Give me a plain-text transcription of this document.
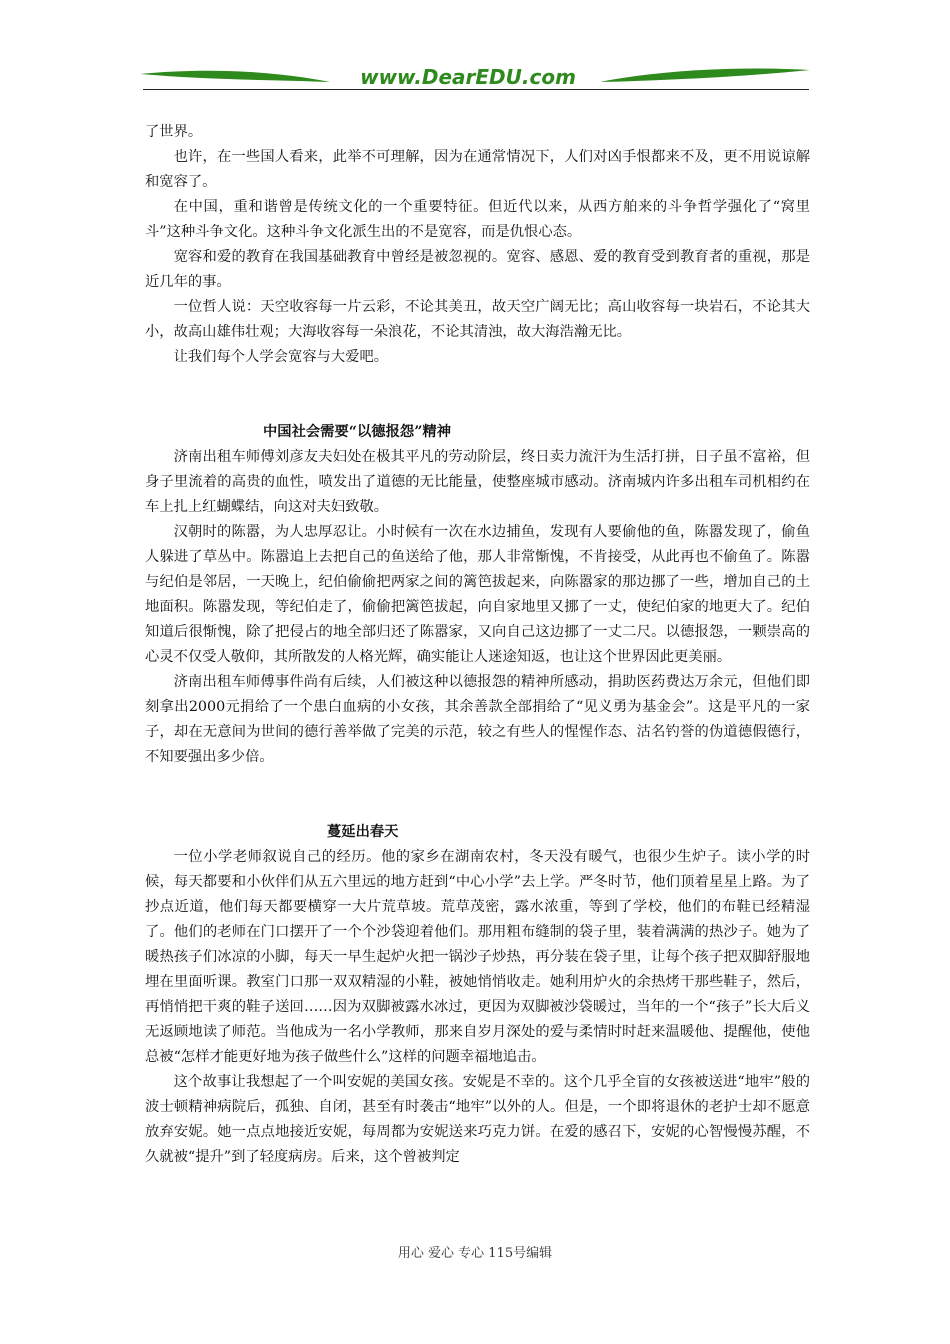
www.DearEDU.com

了世界。

也许，在一些国人看来，此举不可理解，因为在通常情况下，人们对凶手恨都来不及，更不用说谅解和宽容了。

在中国，重和谐曾是传统文化的一个重要特征。但近代以来，从西方舶来的斗争哲学强化了“窝里斗”这种斗争文化。这种斗争文化派生出的不是宽容，而是仇恨心态。

宽容和爱的教育在我国基础教育中曾经是被忽视的。宽容、感恩、爱的教育受到教育者的重视，那是近几年的事。

一位哲人说：天空收容每一片云彩，不论其美丑，故天空广阔无比；高山收容每一块岩石，不论其大小，故高山雄伟壮观；大海收容每一朵浪花，不论其清浊，故大海浩瀚无比。

让我们每个人学会宽容与大爱吧。

中国社会需要“以德报怨”精神

济南出租车师傅刘彦友夫妇处在极其平凡的劳动阶层，终日卖力流汗为生活打拼，日子虽不富裕，但身子里流着的高贵的血性，喷发出了道德的无比能量，使整座城市感动。济南城内许多出租车司机相约在车上扎上红蝴蝶结，向这对夫妇致敬。

汉朝时的陈嚣，为人忠厚忍让。小时候有一次在水边捕鱼，发现有人要偷他的鱼，陈嚣发现了，偷鱼人躲进了草丛中。陈嚣追上去把自己的鱼送给了他，那人非常惭愧，不肯接受，从此再也不偷鱼了。陈嚣与纪伯是邻居，一天晚上，纪伯偷偷把两家之间的篱笆拔起来，向陈嚣家的那边挪了一些，增加自己的土地面积。陈嚣发现，等纪伯走了，偷偷把篱笆拔起，向自家地里又挪了一丈，使纪伯家的地更大了。纪伯知道后很惭愧，除了把侵占的地全部归还了陈嚣家，又向自己这边挪了一丈二尺。以德报怨，一颗崇高的心灵不仅受人敬仰，其所散发的人格光辉，确实能让人迷途知返，也让这个世界因此更美丽。

济南出租车师傅事件尚有后续，人们被这种以德报怨的精神所感动，捐助医药费达万余元，但他们即刻拿出2000元捐给了一个患白血病的小女孩，其余善款全部捐给了“见义勇为基金会”。这是平凡的一家子，却在无意间为世间的德行善举做了完美的示范，较之有些人的惺惺作态、沽名钓誉的伪道德假德行，不知要强出多少倍。

蔓延出春天

一位小学老师叙说自己的经历。他的家乡在湖南农村，冬天没有暖气，也很少生炉子。读小学的时候，每天都要和小伙伴们从五六里远的地方赶到“中心小学”去上学。严冬时节，他们顶着星星上路。为了抄点近道，他们每天都要横穿一大片荒草坡。荒草茂密，露水浓重，等到了学校，他们的布鞋已经精湿了。他们的老师在门口摆开了一个个沙袋迎着他们。那用粗布缝制的袋子里，装着满满的热沙子。她为了暖热孩子们冰凉的小脚，每天一早生起炉火把一锅沙子炒热，再分装在袋子里，让每个孩子把双脚舒服地埋在里面听课。教室门口那一双双精湿的小鞋，被她悄悄收走。她利用炉火的余热烤干那些鞋子，然后，再悄悄把干爽的鞋子送回……因为双脚被露水冰过，更因为双脚被沙袋暖过，当年的一个“孩子”长大后义无返顾地读了师范。当他成为一名小学教师，那来自岁月深处的爱与柔情时时赶来温暖他、提醒他，使他总被“怎样才能更好地为孩子做些什么”这样的问题幸福地追击。

这个故事让我想起了一个叫安妮的美国女孩。安妮是不幸的。这个几乎全盲的女孩被送进“地牢”般的波士顿精神病院后，孤独、自闭，甚至有时袭击“地牢”以外的人。但是，一个即将退休的老护士却不愿意放弃安妮。她一点点地接近安妮，每周都为安妮送来巧克力饼。在爱的感召下，安妮的心智慢慢苏醒，不久就被“提升”到了轻度病房。后来，这个曾被判定

用心 爱心 专心 115号编辑
